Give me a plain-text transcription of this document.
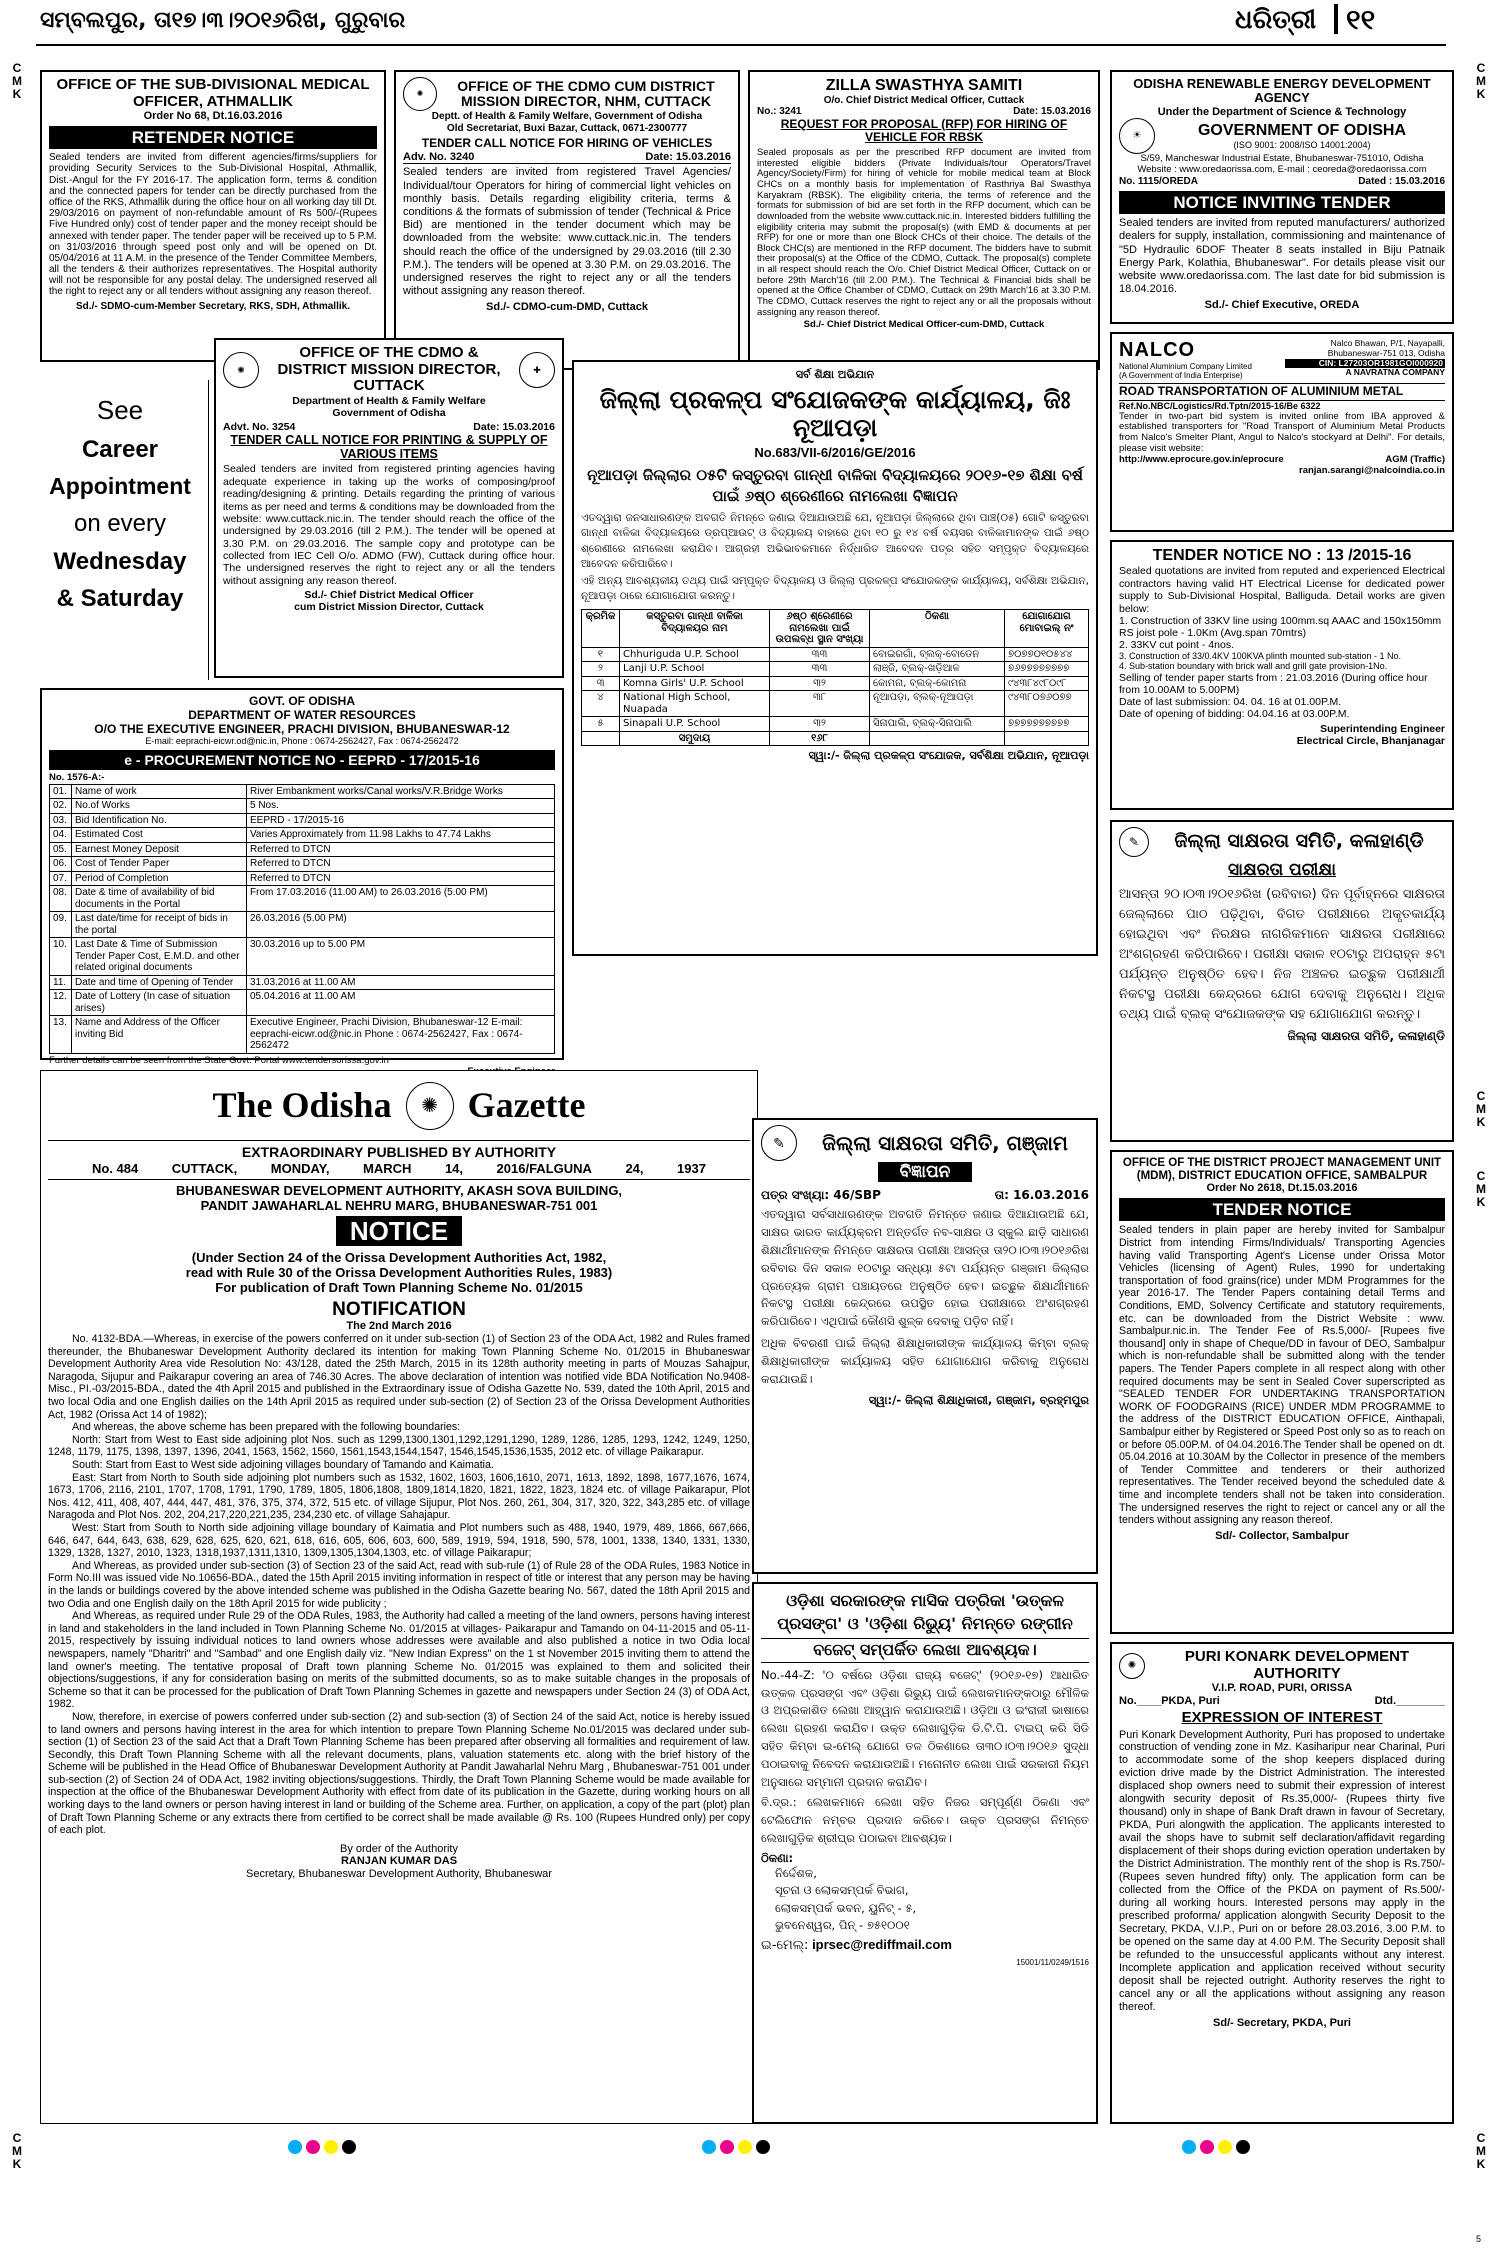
ସମ୍ବଲପୁର, ତା୧୭।୩।୨୦୧୬ରିଖ, ଗୁରୁବାର	ଧରିତ୍ରୀ ୧୧
C
M
K
C
M
K
C
M
K
C
M
K
C
M
K
C
M
K
OFFICE OF THE SUB-DIVISIONAL MEDICAL OFFICER, ATHMALLIK
Order No 68, Dt.16.03.2016
RETENDER NOTICE
Sealed tenders are invited from different agencies/firms/suppliers for providing Security Services to the Sub-Divisional Hospital, Athmallik, Dist.-Angul for the FY 2016-17. The application form, terms & condition and the connected papers for tender can be directly purchased from the office of the RKS, Athmallik during the office hour on all working day till Dt. 29/03/2016 on payment of non-refundable amount of Rs 500/-(Rupees Five Hundred only) cost of tender paper and the money receipt should be annexed with tender paper. The tender paper will be received up to 5 P.M. on 31/03/2016 through speed post only and will be opened on Dt. 05/04/2016 at 11 A.M. in the presence of the Tender Committee Members, all the tenders & their authorizes representatives. The Hospital authority will not be responsible for any postal delay. The undersigned reserved all the right to reject any or all tenders without assigning any reason thereof.
Sd./- SDMO-cum-Member Secretary, RKS, SDH, Athmallik.
✺	OFFICE OF THE CDMO CUM DISTRICT MISSION DIRECTOR, NHM, CUTTACK
Deptt. of Health & Family Welfare, Government of Odisha
Old Secretariat, Buxi Bazar, Cuttack, 0671-2300777
TENDER CALL NOTICE FOR HIRING OF VEHICLES
Adv. No. 3240	Date: 15.03.2016
Sealed tenders are invited from registered Travel Agencies/ Individual/tour Operators for hiring of commercial light vehicles on monthly basis. Details regarding eligibility criteria, terms & conditions & the formats of submission of tender (Technical & Price Bid) are mentioned in the tender document which may be downloaded from the website: www.cuttack.nic.in. The tenders should reach the office of the undersigned by 29.03.2016 (till 2.30 P.M.). The tenders will be opened at 3.30 P.M. on 29.03.2016. The undersigned reserves the right to reject any or all the tenders without assigning any reason thereof.
Sd./- CDMO-cum-DMD, Cuttack
ZILLA SWASTHYA SAMITI
O/o. Chief District Medical Officer, Cuttack
No.: 3241	Date: 15.03.2016
REQUEST FOR PROPOSAL (RFP) FOR HIRING OF VEHICLE FOR RBSK
Sealed proposals as per the prescribed RFP document are invited from interested eligible bidders (Private Individuals/tour Operators/Travel Agency/Society/Firm) for hiring of vehicle for mobile medical team at Block CHCs on a monthly basis for implementation of Rasthriya Bal Swasthya Karyakram (RBSK). The eligibility criteria, the terms of reference and the formats for submission of bid are set forth in the RFP document, which can be downloaded from the website www.cuttack.nic.in. Interested bidders fulfilling the eligibility criteria may submit the proposal(s) (with EMD & documents at per RFP) for one or more than one Block CHCs of their choice. The details of the Block CHC(s) are mentioned in the RFP document. The bidders have to submit their proposal(s) at the Office of the CDMO, Cuttack. The proposal(s) complete in all respect should reach the O/o. Chief District Medical Officer, Cuttack on or before 29th March'16 (till 2.00 P.M.). The Technical & Financial bids shall be opened at the Office Chamber of CDMO, Cuttack on 29th March'16 at 3.30 P.M. The CDMO, Cuttack reserves the right to reject any or all the proposals without assigning any reason thereof.
Sd./- Chief District Medical Officer-cum-DMD, Cuttack
ODISHA RENEWABLE ENERGY DEVELOPMENT AGENCY
Under the Department of Science & Technology
☀	GOVERNMENT OF ODISHA
(ISO 9001: 2008/ISO 14001:2004)
S/59, Mancheswar Industrial Estate, Bhubaneswar-751010, Odisha
Website : www.oredaorissa.com, E-mail : ceoreda@oredaorissa.com
No. 1115/OREDA	Dated : 15.03.2016
NOTICE INVITING TENDER
Sealed tenders are invited from reputed manufacturers/ authorized dealers for supply, installation, commissioning and maintenance of "5D Hydraulic 6DOF Theater 8 seats installed in Biju Patnaik Energy Park, Kolathia, Bhubaneswar". For details please visit our website www.oredaorissa.com. The last date for bid submission is 18.04.2016.
Sd./- Chief Executive, OREDA
See
Career
Appointment
on every
Wednesday
& Saturday
✺
OFFICE OF THE CDMO & DISTRICT MISSION DIRECTOR, CUTTACK
✚
Department of Health & Family Welfare
Government of Odisha
Advt. No. 3254	Date: 15.03.2016
TENDER CALL NOTICE FOR PRINTING & SUPPLY OF VARIOUS ITEMS
Sealed tenders are invited from registered printing agencies having adequate experience in taking up the works of composing/proof reading/designing & printing. Details regarding the printing of various items as per need and terms & conditions may be downloaded from the website: www.cuttack.nic.in. The tender should reach the office of the undersigned by 29.03.2016 (till 2 P.M.). The tender will be opened at 3.30 P.M. on 29.03.2016. The sample copy and prototype can be collected from IEC Cell O/o. ADMO (FW), Cuttack during office hour. The undersigned reserves the right to reject any or all the tenders without assigning any reason thereof.
Sd./- Chief District Medical Officer
cum District Mission Director, Cuttack
ସର୍ବ ଶିକ୍ଷା ଅଭିଯାନ
ଜିଲ୍ଲା ପ୍ରକଳ୍ପ ସଂଯୋଜକଙ୍କ କାର୍ଯ୍ୟାଳୟ, ଜିଃ ନୂଆପଡ଼ା
No.683/VII-6/2016/GE/2016
ନୂଆପଡ଼ା ଜିଲ୍ଲାର ୦୫ଟି କସ୍ତୁରବା ଗାନ୍ଧୀ ବାଳିକା ବିଦ୍ୟାଳୟରେ ୨୦୧୬-୧୭ ଶିକ୍ଷା ବର୍ଷ ପାଇଁ ୬ଷ୍ଠ ଶ୍ରେଣୀରେ ନାମଲେଖା ବିଜ୍ଞାପନ
ଏତଦ୍ୱାରା ଜନସାଧାରଣଙ୍କ ଅବଗତି ନିମନ୍ତେ ଜଣାଇ ଦିଆଯାଉଅଛି ଯେ, ନୂଆପଡ଼ା ଜିଲ୍ଲାରେ ଥିବା ପାଞ୍ଚ(୦୫) ଗୋଟି କସ୍ତୁରବା ଗାନ୍ଧୀ ବାଳିକା ବିଦ୍ୟାଳୟରେ ଡ୍ରପ୍ଆଉଟ୍ ଓ ବିଦ୍ୟାଳୟ ବାହାରେ ଥିବା ୧୦ ରୁ ୧୪ ବର୍ଷ ବୟସର ବାଳିକାମାନଙ୍କ ପାଇଁ ୬ଷ୍ଠ ଶ୍ରେଣୀରେ ନାମଲେଖା କରାଯିବ। ଆଗ୍ରହୀ ଅଭିଭାବକମାନେ ନିର୍ଦ୍ଧାରିତ ଆବେଦନ ପତ୍ର ସହିତ ସମ୍ପୃକ୍ତ ବିଦ୍ୟାଳୟରେ ଆବେଦନ କରିପାରିବେ।
ଏହି ଅନ୍ୟ ଆବଶ୍ୟକୀୟ ତଥ୍ୟ ପାଇଁ ସମ୍ପୃକ୍ତ ବିଦ୍ୟାଳୟ ଓ ଜିଲ୍ଲା ପ୍ରକଳ୍ପ ସଂଯୋଜକଙ୍କ କାର୍ଯ୍ୟାଳୟ, ସର୍ବଶିକ୍ଷା ଅଭିଯାନ, ନୂଆପଡ଼ା ଠାରେ ଯୋଗାଯୋଗ କରନ୍ତୁ।
କ୍ରମିକ	କସ୍ତୁରବା ଗାନ୍ଧୀ ବାଳିକା ବିଦ୍ୟାଳୟର ନାମ	୬ଷ୍ଠ ଶ୍ରେଣୀରେ ନାମଲେଖା ପାଇଁ ଉପଲବ୍ଧ ସ୍ଥାନ ସଂଖ୍ୟା	ଠିକଣା	ଯୋଗାଯୋଗ ମୋବାଇଲ୍ ନଂ
୧	Chhuriguda U.P. School	୩୩	ବୋଇରଗାଁ, ବ୍ଲକ୍-ବୋଡେନ	୭୦୭୭୦୧୦୫୪୪
୨	Lanji U.P. School	୩୩	ଲାଞ୍ଜି, ବ୍ଲକ୍-ଖଡ଼ିଆଳ	୭୬୭୭୭୭୭୭୭୭
୩	Komna Girls' U.P. School	୩୨	କୋମନା, ବ୍ଲକ୍-କୋମନା	୯୪୩୮୪୯୮୦୯୮
୪	National High School, Nuapada	୩୮	ନୂଆପଡ଼ା, ବ୍ଲକ୍-ନୂଆପଡ଼ା	୯୪୩୮୦୭୬୦୭୭
୫	Sinapali U.P. School	୩୨	ସିନାପାଲି, ବ୍ଲକ୍-ସିନାପାଲି	୭୭୭୭୭୭୭୭୭୭
	ସମୁଦାୟ	୧୬୮		
ସ୍ୱା:/- ଜିଲ୍ଲା ପ୍ରକଳ୍ପ ସଂଯୋଜକ, ସର୍ବଶିକ୍ଷା ଅଭିଯାନ, ନୂଆପଡ଼ା
NALCO
National Aluminium Company Limited
(A Government of India Enterprise)
Nalco Bhawan, P/1, Nayapalli,
Bhubaneswar-751 013, Odisha
CIN: L27203OR1981GOI000920
A NAVRATNA COMPANY
ROAD TRANSPORTATION OF ALUMINIUM METAL
Ref.No.NBC/Logistics/Rd.Tptn/2015-16/Be 6322
Tender in two-part bid system is invited online from IBA approved & established transporters for "Road Transport of Aluminium Metal Products from Nalco's Smelter Plant, Angul to Nalco's stockyard at Delhi". For details, please visit website:
http://www.eprocure.gov.in/eprocure	AGM (Traffic)
ranjan.sarangi@nalcoindia.co.in
TENDER NOTICE NO : 13 /2015-16
Sealed quotations are invited from reputed and experienced Electrical contractors having valid HT Electrical License for dedicated power supply to Sub-Divisional Hospital, Balliguda. Detail works are given below:
1. Construction of 33KV line using 100mm.sq AAAC and 150x150mm RS joist pole - 1.0Km (Avg.span 70mtrs)
2. 33KV cut point - 4nos.
3. Construction of 33/0.4KV 100KVA plinth mounted sub-station - 1 No.
4. Sub-station boundary with brick wall and grill gate provision-1No.
Selling of tender paper starts from : 21.03.2016 (During office hour from 10.00AM to 5.00PM)
Date of last submission: 04. 04. 16 at 01.00P.M.
Date of opening of bidding: 04.04.16 at 03.00P.M.
Superintending Engineer
Electrical Circle, Bhanjanagar
GOVT. OF ODISHA
DEPARTMENT OF WATER RESOURCES
O/O THE EXECUTIVE ENGINEER, PRACHI DIVISION, BHUBANESWAR-12
E-mail: eeprachi-eicwr.od@nic.in, Phone : 0674-2562427, Fax : 0674-2562472
e - PROCUREMENT NOTICE NO - EEPRD - 17/2015-16
No. 1576-A:-
01.	Name of work	River Embankment works/Canal works/V.R.Bridge Works
02.	No.of Works	5 Nos.
03.	Bid Identification No.	EEPRD - 17/2015-16
04.	Estimated Cost	Varies Approximately from 11.98 Lakhs to 47.74 Lakhs
05.	Earnest Money Deposit	Referred to DTCN
06.	Cost of Tender Paper	Referred to DTCN
07.	Period of Completion	Referred to DTCN
08.	Date & time of availability of bid documents in the Portal	From 17.03.2016 (11.00 AM) to 26.03.2016 (5.00 PM)
09.	Last date/time for receipt of bids in the portal	26.03.2016 (5.00 PM)
10.	Last Date & Time of Submission Tender Paper Cost, E.M.D. and other related original documents	30.03.2016 up to 5.00 PM
11.	Date and time of Opening of Tender	31.03.2016 at 11.00 AM
12.	Date of Lottery (In case of situation arises)	05.04.2016 at 11.00 AM
13.	Name and Address of the Officer inviting Bid	Executive Engineer, Prachi Division, Bhubaneswar-12 E-mail: eeprachi-eicwr.od@nic.in Phone : 0674-2562427, Fax : 0674-2562472
Further details can be seen from the State Govt. Portal www.tendersorissa.gov.in
✎	ଜିଲ୍ଲା ସାକ୍ଷରତା ସମିତି, କଳାହାଣ୍ଡି
ସାକ୍ଷରତା ପରୀକ୍ଷା
ଆସନ୍ତା ୨୦।୦୩।୨୦୧୬ରିଖ (ରବିବାର) ଦିନ ପୂର୍ବାହ୍ନରେ ସାକ୍ଷରତା ଜେଲ୍ଲାରେ ପାଠ ପଢ଼ିଥିବା, ବିଗତ ପରୀକ୍ଷାରେ ଅକୃତକାର୍ଯ୍ୟ ହୋଇଥିବା ଏବଂ ନିରକ୍ଷର ନାଗରିକମାନେ ସାକ୍ଷରତା ପରୀକ୍ଷାରେ ଅଂଶଗ୍ରହଣ କରିପାରିବେ। ପରୀକ୍ଷା ସକାଳ ୧୦ଟାରୁ ଅପରାହ୍ନ ୫ଟା ପର୍ଯ୍ୟନ୍ତ ଅନୁଷ୍ଠିତ ହେବ। ନିଜ ଅଞ୍ଚଳର ଇଚ୍ଛୁକ ପରୀକ୍ଷାର୍ଥୀ ନିକଟସ୍ଥ ପରୀକ୍ଷା କେନ୍ଦ୍ରରେ ଯୋଗ ଦେବାକୁ ଅନୁରୋଧ। ଅଧିକ ତଥ୍ୟ ପାଇଁ ବ୍ଲକ୍ ସଂଯୋଜକଙ୍କ ସହ ଯୋଗାଯୋଗ କରନ୍ତୁ।
ଜିଲ୍ଲା ସାକ୍ଷରତା ସମିତି, କଳାହାଣ୍ଡି
The Odisha	✺ Gazette
EXTRAORDINARY PUBLISHED BY AUTHORITY
No. 484	CUTTACK,	MONDAY,	MARCH	14,	2016/FALGUNA	24,	1937
BHUBANESWAR DEVELOPMENT AUTHORITY, AKASH SOVA BUILDING,
PANDIT JAWAHARLAL NEHRU MARG, BHUBANESWAR-751 001
NOTICE
(Under Section 24 of the Orissa Development Authorities Act, 1982,
read with Rule 30 of the Orissa Development Authorities Rules, 1983)
For publication of Draft Town Planning Scheme No. 01/2015
NOTIFICATION
The 2nd March 2016

No. 4132-BDA.—Whereas, in exercise of the powers conferred on it under sub-section (1) of Section 23 of the ODA Act, 1982 and Rules framed thereunder, the Bhubaneswar Development Authority declared its intention for making Town Planning Scheme No. 01/2015 in Bhubaneswar Development Authority Area vide Resolution No: 43/128, dated the 25th March, 2015 in its 128th authority meeting in parts of Mouzas Sahajpur, Naragoda, Sijupur and Paikarapur covering an area of 746.30 Acres. The above declaration of intention was notified vide BDA Notification No.9408-Misc., PI.-03/2015-BDA., dated the 4th April 2015 and published in the Extraordinary issue of Odisha Gazette No. 539, dated the 10th April, 2015 and two local Odia and one English dailies on the 14th April 2015 as required under sub-section (2) of Section 23 of the Orissa Development Authorities Act, 1982 (Orissa Act 14 of 1982);

And whereas, the above scheme has been prepared with the following boundaries:

North: Start from West to East side adjoining plot Nos. such as 1299,1300,1301,1292,1291,1290, 1289, 1286, 1285, 1293, 1242, 1249, 1250, 1248, 1179, 1175, 1398, 1397, 1396, 2041, 1563, 1562, 1560, 1561,1543,1544,1547, 1546,1545,1536,1535, 2012 etc. of village Paikarapur.

South: Start from East to West side adjoining villages boundary of Tamando and Kaimatia.

East: Start from North to South side adjoining plot numbers such as 1532, 1602, 1603, 1606,1610, 2071, 1613, 1892, 1898, 1677,1676, 1674, 1673, 1706, 2116, 2101, 1707, 1708, 1791, 1790, 1789, 1805, 1806,1808, 1809,1814,1820, 1821, 1822, 1823, 1824 etc. of village Paikarapur, Plot Nos. 412, 411, 408, 407, 444, 447, 481, 376, 375, 374, 372, 515 etc. of village Sijupur, Plot Nos. 260, 261, 304, 317, 320, 322, 343,285 etc. of village Naragoda and Plot Nos. 202, 204,217,220,221,235, 234,230 etc. of village Sahajapur.

West: Start from South to North side adjoining village boundary of Kaimatia and Plot numbers such as 488, 1940, 1979, 489, 1866, 667,666, 646, 647, 644, 643, 638, 629, 628, 625, 620, 621, 618, 616, 605, 606, 603, 600, 589, 1919, 594, 1918, 590, 578, 1001, 1338, 1340, 1331, 1330, 1329, 1328, 1327, 2010, 1323, 1318,1937,1311,1310, 1309,1305,1304,1303, etc. of village Paikarapur;

And Whereas, as provided under sub-section (3) of Section 23 of the said Act, read with sub-rule (1) of Rule 28 of the ODA Rules, 1983 Notice in Form No.III was issued vide No.10656-BDA., dated the 15th April 2015 inviting information in respect of title or interest that any person may be having in the lands or buildings covered by the above intended scheme was published in the Odisha Gazette bearing No. 567, dated the 18th April 2015 and two Odia and one English daily on the 18th April 2015 for wide publicity ;

And Whereas, as required under Rule 29 of the ODA Rules, 1983, the Authority had called a meeting of the land owners, persons having interest in land and stakeholders in the land included in Town Planning Scheme No. 01/2015 at villages- Paikarapur and Tamando on 04-11-2015 and 05-11-2015, respectively by issuing individual notices to land owners whose addresses were available and also published a notice in two Odia local newspapers, namely "Dharitri" and "Sambad" and one English daily viz. "New Indian Express" on the 1 st November 2015 inviting them to attend the land owner's meeting. The tentative proposal of Draft town planning Scheme No. 01/2015 was explained to them and solicited their objections/suggestions, if any for consideration basing on merits of the submitted documents, so as to make suitable changes in the proposals of Scheme so that it can be processed for the publication of Draft Town Planning Schemes in gazette and newspapers under Section 24 (3) of ODA Act, 1982.

Now, therefore, in exercise of powers conferred under sub-section (2) and sub-section (3) of Section 24 of the said Act, notice is hereby issued to land owners and persons having interest in the area for which intention to prepare Town Planning Scheme No.01/2015 was declared under sub-section (1) of Section 23 of the said Act that a Draft Town Planning Scheme has been prepared after observing all formalities and requirement of law. Secondly, this Draft Town Planning Scheme with all the relevant documents, plans, valuation statements etc. along with the brief history of the Scheme will be published in the Head Office of Bhubaneswar Development Authority at Pandit Jawaharlal Nehru Marg , Bhubaneswar-751 001 under sub-section (2) of Section 24 of ODA Act, 1982 inviting objections/suggestions. Thirdly, the Draft Town Planning Scheme would be made available for inspection at the office of the Bhubaneswar Development Authority with effect from date of its publication in the Gazette, during working hours on all working days to the land owners or person having interest in land or building of the Scheme area. Further, on application, a copy of the part (plot) plan of Draft Town Planning Scheme or any extracts there from certified to be correct shall be made available @ Rs. 100 (Rupees Hundred only) per copy of each plot.

By order of the Authority
RANJAN KUMAR DAS
Secretary, Bhubaneswar Development Authority, Bhubaneswar
✎	ଜିଲ୍ଲା ସାକ୍ଷରତା ସମିତି, ଗଞ୍ଜାମ
ବିଜ୍ଞାପନ
ପତ୍ର ସଂଖ୍ୟା: 46/SBP	ତା: 16.03.2016
ଏତଦ୍ୱାରା ସର୍ବସାଧାରଣଙ୍କ ଅବଗତି ନିମନ୍ତେ ଜଣାଇ ଦିଆଯାଉଅଛି ଯେ, ସାକ୍ଷର ଭାରତ କାର୍ଯ୍ୟକ୍ରମ ଅନ୍ତର୍ଗତ ନବ-ସାକ୍ଷର ଓ ସ୍କୁଲ ଛାଡ଼ି ସାଧାରଣ ଶିକ୍ଷାର୍ଥୀମାନଙ୍କ ନିମନ୍ତେ ସାକ୍ଷରତା ପରୀକ୍ଷା ଆସନ୍ତା ତା୨୦।୦୩।୨୦୧୬ରିଖ ରବିବାର ଦିନ ସକାଳ ୧୦ଟାରୁ ସନ୍ଧ୍ୟା ୫ଟା ପର୍ଯ୍ୟନ୍ତ ଗଞ୍ଜାମ ଜିଲ୍ଲାର ପ୍ରତ୍ୟେକ ଗ୍ରାମ ପଞ୍ଚାୟତରେ ଅନୁଷ୍ଠିତ ହେବ। ଇଚ୍ଛୁକ ଶିକ୍ଷାର୍ଥୀମାନେ ନିକଟସ୍ଥ ପରୀକ୍ଷା କେନ୍ଦ୍ରରେ ଉପସ୍ଥିତ ହୋଇ ପରୀକ୍ଷାରେ ଅଂଶଗ୍ରହଣ କରିପାରିବେ। ଏଥିପାଇଁ କୌଣସି ଶୁଳ୍କ ଦେବାକୁ ପଡ଼ିବ ନାହିଁ।
ଅଧିକ ବିବରଣୀ ପାଇଁ ଜିଲ୍ଲା ଶିକ୍ଷାଧିକାରୀଙ୍କ କାର୍ଯ୍ୟାଳୟ କିମ୍ବା ବ୍ଲକ୍ ଶିକ୍ଷାଧିକାରୀଙ୍କ କାର୍ଯ୍ୟାଳୟ ସହିତ ଯୋଗାଯୋଗ କରିବାକୁ ଅନୁରୋଧ କରାଯାଉଛି।
ସ୍ୱା:/- ଜିଲ୍ଲା ଶିକ୍ଷାଧିକାରୀ, ଗଞ୍ଜାମ, ବ୍ରହ୍ମପୁର
ଓଡ଼ିଶା ସରକାରଙ୍କ ମାସିକ ପତ୍ରିକା 'ଉତ୍କଳ ପ୍ରସଙ୍ଗ' ଓ 'ଓଡ଼ିଶା ରିଭ୍ୟୁ' ନିମନ୍ତେ ରଙ୍ଗୀନ
ବଜେଟ୍ ସମ୍ପର୍କିତ ଲେଖା ଆବଶ୍ୟକ।
No.-44-Z: '୦ ବର୍ଷରେ ଓଡ଼ିଶା ରାଜ୍ୟ ବଜେଟ୍' (୨୦୧୬-୧୭) ଆଧାରିତ ଉତ୍କଳ ପ୍ରସଙ୍ଗ ଏବଂ ଓଡ଼ିଶା ରିଭ୍ୟୁ ପାଇଁ ଲେଖକମାନଙ୍କଠାରୁ ମୌଳିକ ଓ ଅପ୍ରକାଶିତ ଲେଖା ଆହ୍ୱାନ କରାଯାଉଅଛି। ଓଡ଼ିଆ ଓ ଇଂରାଜୀ ଭାଷାରେ ଲେଖା ଗ୍ରହଣ କରାଯିବ। ଉକ୍ତ ଲେଖାଗୁଡ଼ିକ ଡି.ଟି.ପି. ଟାଇପ୍ କରି ସିଡି ସହିତ କିମ୍ବା ଇ-ମେଲ୍ ଯୋଗେ ତଳ ଠିକଣାରେ ତା୩୦।୦୩।୨୦୧୬ ସୁଦ୍ଧା ପଠାଇବାକୁ ନିବେଦନ କରାଯାଉଅଛି। ମନୋନୀତ ଲେଖା ପାଇଁ ସରକାରୀ ନିୟମ ଅନୁସାରେ ସମ୍ମାନୀ ପ୍ରଦାନ କରାଯିବ।
ବି.ଦ୍ର.: ଲେଖକମାନେ ଲେଖା ସହିତ ନିଜର ସମ୍ପୂର୍ଣ୍ଣ ଠିକଣା ଏବଂ ଟେଲିଫୋନ ନମ୍ବର ପ୍ରଦାନ କରିବେ। ଉକ୍ତ ପ୍ରସଙ୍ଗ ନିମନ୍ତେ ଲେଖାଗୁଡ଼ିକ ଶ୍ରୀଘ୍ର ପଠାଇବା ଆବଶ୍ୟକ।
ଠିକଣା:
ନିର୍ଦ୍ଦେଶକ,
ସୂଚନା ଓ ଲୋକସମ୍ପର୍କ ବିଭାଗ,
ଲୋକସମ୍ପର୍କ ଭବନ, ୟୁନିଟ୍ - ୫,
ଭୁବନେଶ୍ୱର, ପିନ୍ - ୭୫୧୦୦୧
ଇ-ମେଲ୍: iprsec@rediffmail.com
15001/11/0249/1516
OFFICE OF THE DISTRICT PROJECT MANAGEMENT UNIT (MDM), DISTRICT EDUCATION OFFICE, SAMBALPUR
Order No 2618, Dt.15.03.2016
TENDER NOTICE
Sealed tenders in plain paper are hereby invited for Sambalpur District from intending Firms/Individuals/ Transporting Agencies having valid Transporting Agent's License under Orissa Motor Vehicles (licensing of Agent) Rules, 1990 for undertaking transportation of food grains(rice) under MDM Programmes for the year 2016-17. The Tender Papers containing detail Terms and Conditions, EMD, Solvency Certificate and statutory requirements, etc. can be downloaded from the District Website : www. Sambalpur.nic.in. The Tender Fee of Rs.5,000/- [Rupees five thousand] only in shape of Cheque/DD in favour of DEO, Sambalpur which is non-refundable shall be submitted along with the tender papers. The Tender Papers complete in all respect along with other required documents may be sent in Sealed Cover superscripted as "SEALED TENDER FOR UNDERTAKING TRANSPORTATION WORK OF FOODGRAINS (RICE) UNDER MDM PROGRAMME to the address of the DISTRICT EDUCATION OFFICE, Ainthapali, Sambalpur either by Registered or Speed Post only so as to reach on or before 05.00P.M. of 04.04.2016.The Tender shall be opened on dt. 05.04.2016 at 10.30AM by the Collector in presence of the members of Tender Committee and tenderers or their authorized representatives. The Tender received beyond the scheduled date & time and incomplete tenders shall not be taken into consideration. The undersigned reserves the right to reject or cancel any or all the tenders without assigning any reason thereof.
Sd/- Collector, Sambalpur
✺	PURI KONARK DEVELOPMENT AUTHORITY
V.I.P. ROAD, PURI, ORISSA
No.____PKDA, Puri	Dtd.________
EXPRESSION OF INTEREST
Puri Konark Development Authority, Puri has proposed to undertake construction of vending zone in Mz. Kasiharipur near Charinal, Puri to accommodate some of the shop keepers displaced during eviction drive made by the District Administration. The interested displaced shop owners need to submit their expression of interest alongwith security deposit of Rs.35,000/- (Rupees thirty five thousand) only in shape of Bank Draft drawn in favour of Secretary, PKDA, Puri alongwith the application. The applicants interested to avail the shops have to submit self declaration/affidavit regarding displacement of their shops during eviction operation undertaken by the District Administration. The monthly rent of the shop is Rs.750/- (Rupees seven hundred fifty) only. The application form can be collected from the Office of the PKDA on payment of Rs.500/- during all working hours. Interested persons may apply in the prescribed proforma/ application alongwith Security Deposit to the Secretary, PKDA, V.I.P., Puri on or before 28.03.2016, 3.00 P.M. to be opened on the same day at 4.00 P.M. The Security Deposit shall be refunded to the unsuccessful applicants without any interest. Incomplete application and application received without security deposit shall be rejected outright. Authority reserves the right to cancel any or all the applications without assigning any reason thereof.
Sd/- Secretary, PKDA, Puri
5
